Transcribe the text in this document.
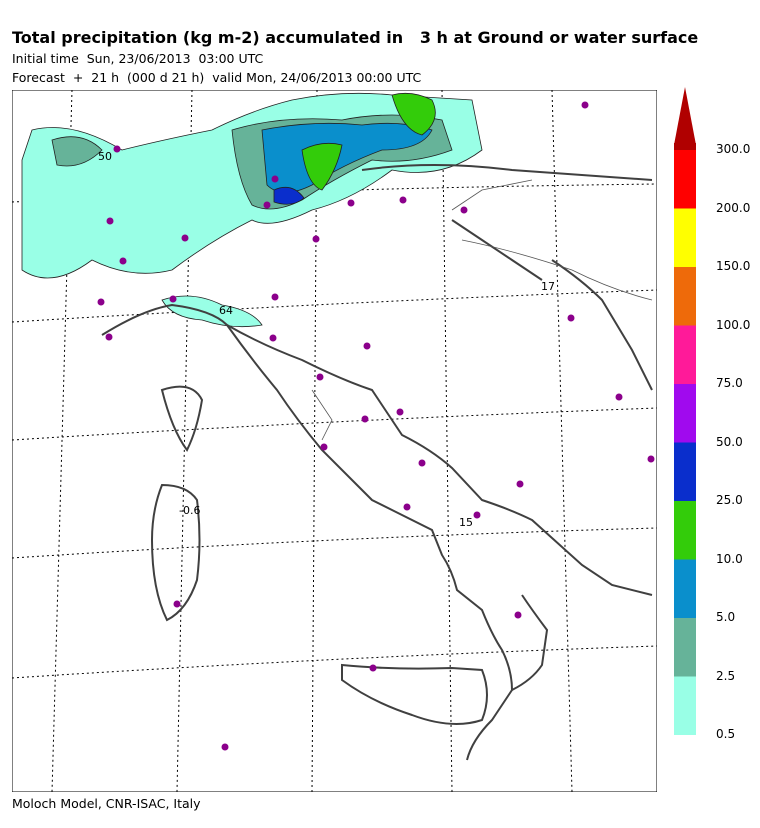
Total precipitation (kg m-2) accumulated in   3 h at Ground or water surface
Initial time  Sun, 23/06/2013  03:00 UTC
Forecast  +  21 h  (000 d 21 h)  valid Mon, 24/06/2013 00:00 UTC
50
64
-0.6
15
17
0.5
2.5
5.0
10.0
25.0
50.0
75.0
100.0
150.0
200.0
300.0
Moloch Model, CNR-ISAC, Italy
